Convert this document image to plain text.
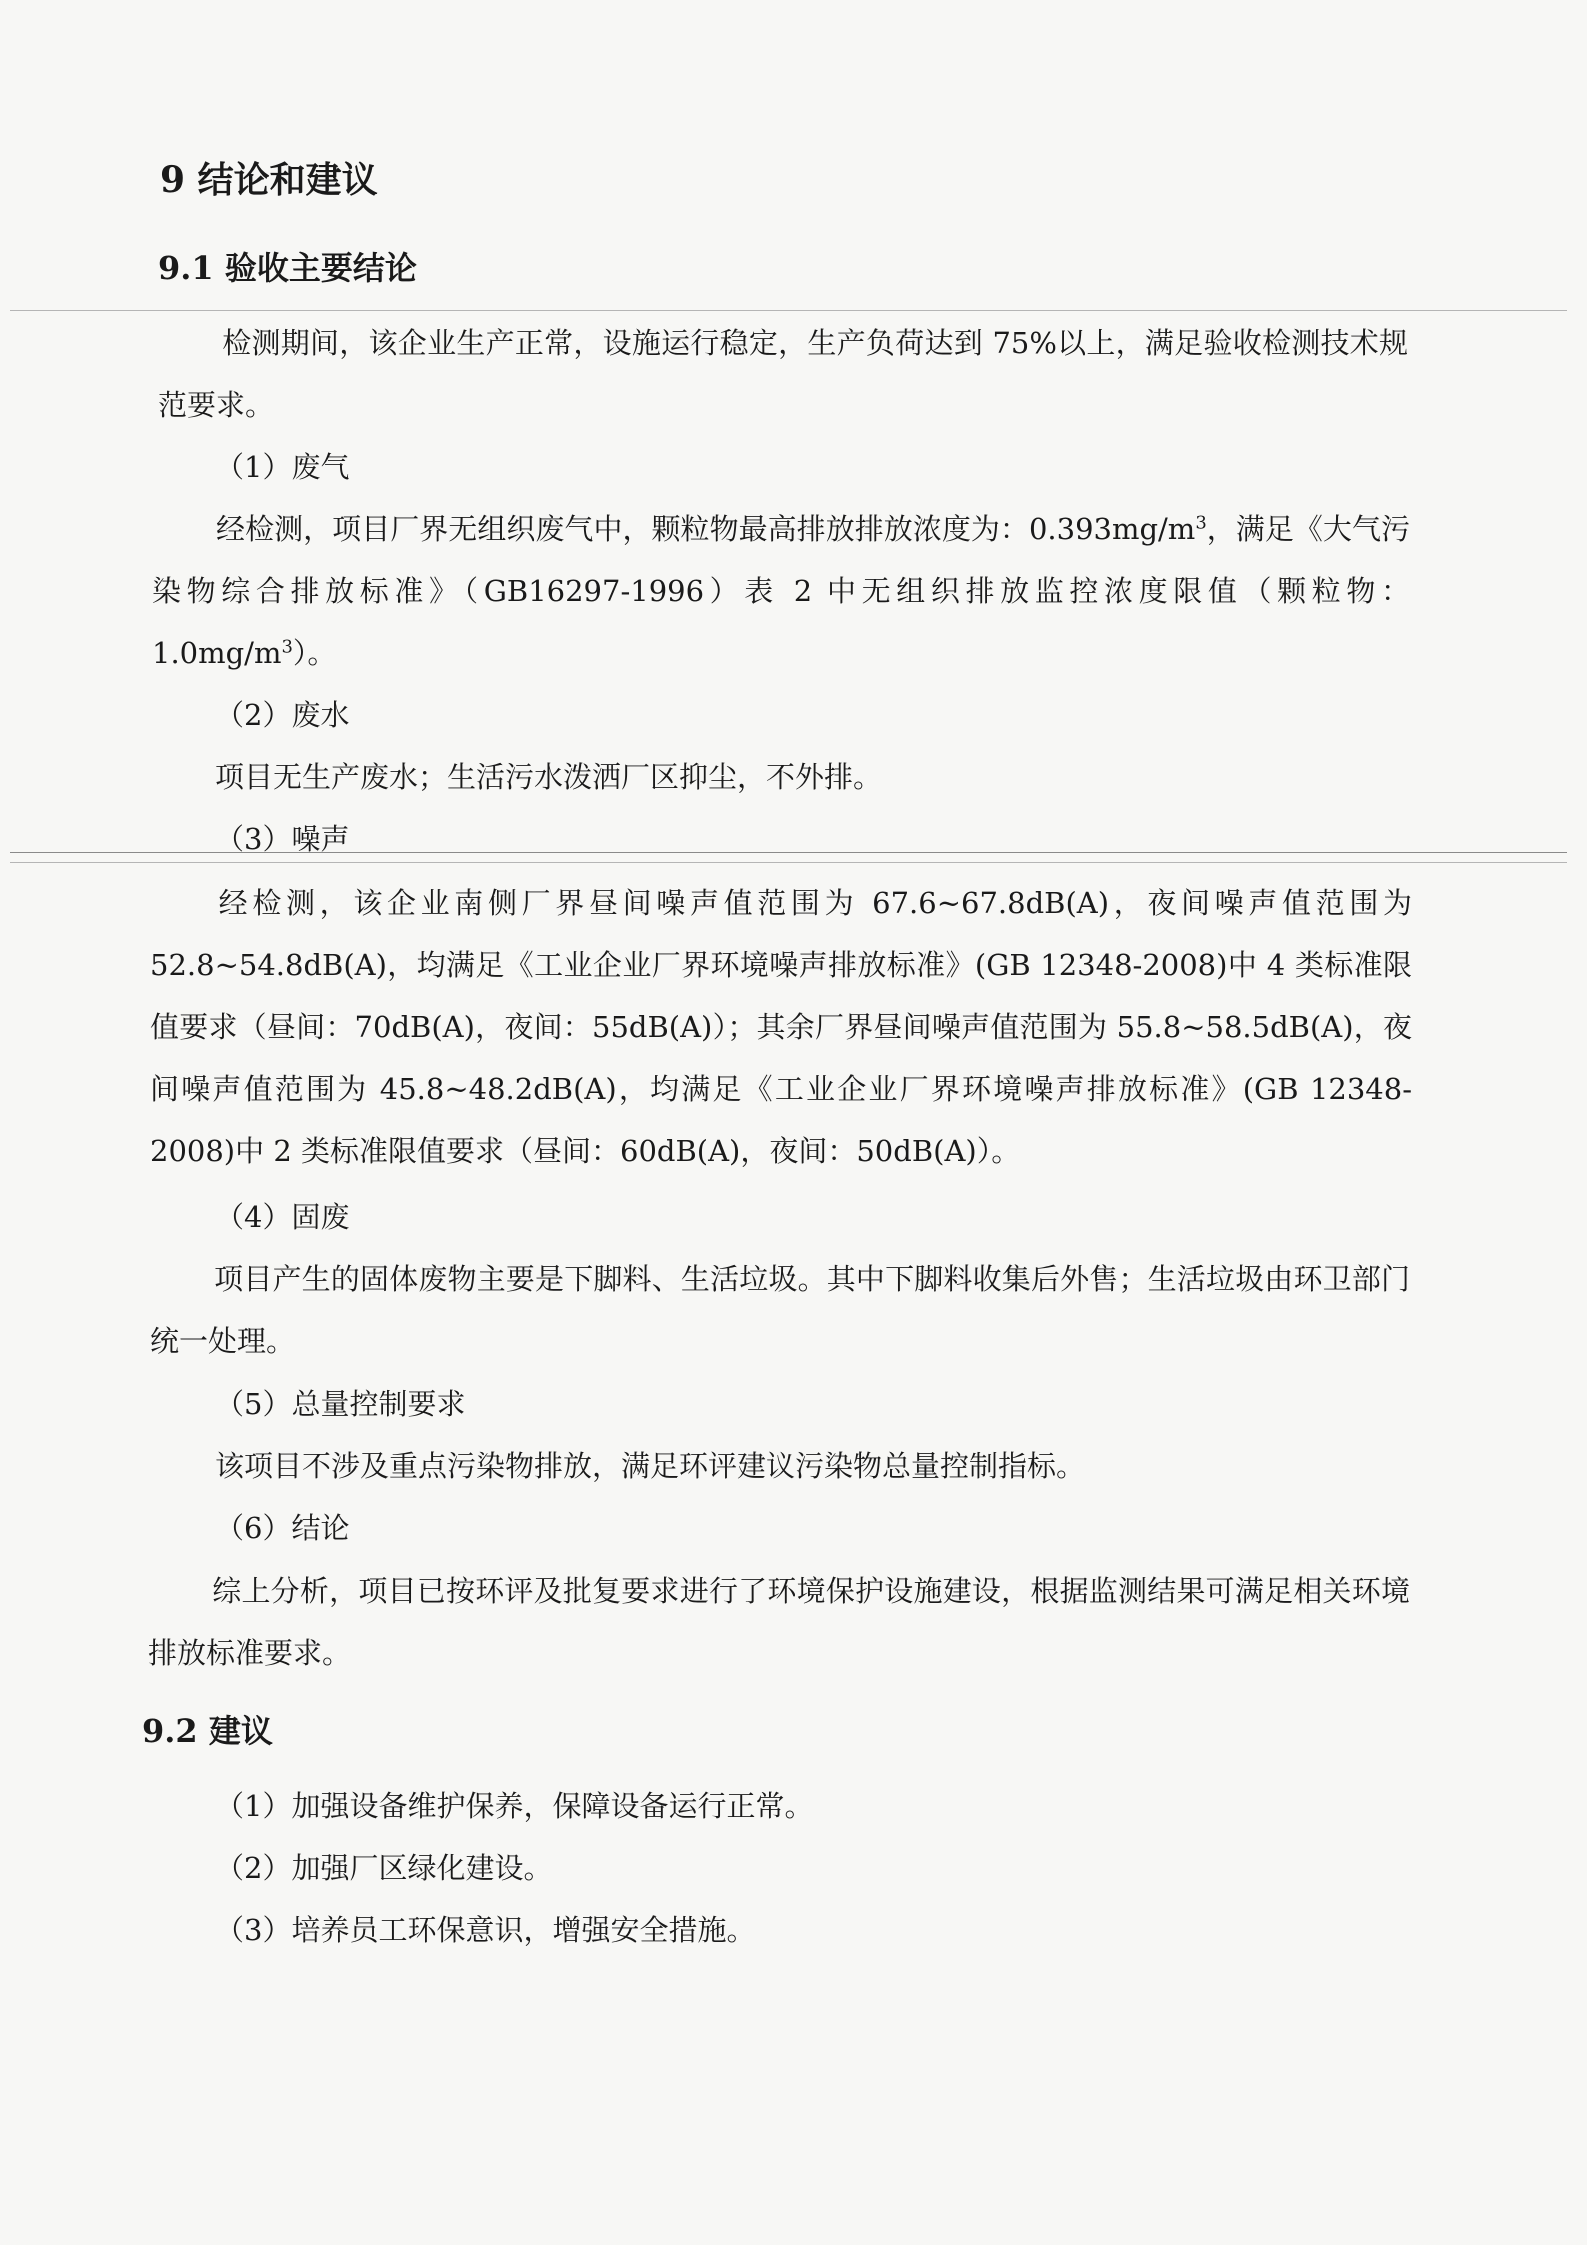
9 结论和建议
9.1 验收主要结论
检测期间，该企业生产正常，设施运行稳定，生产负荷达到 75%以上，满足验收检测技术规范要求。
（1）废气
经检测，项目厂界无组织废气中，颗粒物最高排放排放浓度为：$0.393mg/m^3$，满足《大气污染物综合排放标准》（GB16297-1996）表 2 中无组织排放监控浓度限值（颗粒物：$1.0mg/m^3$）。
（2）废水
项目无生产废水；生活污水泼洒厂区抑尘，不外排。
（3）噪声
经检测，该企业南侧厂界昼间噪声值范围为 67.6~67.8dB(A)，夜间噪声值范围为 52.8~54.8dB(A)，均满足《工业企业厂界环境噪声排放标准》(GB 12348-2008)中 4 类标准限值要求（昼间：70dB(A)，夜间：55dB(A)）；其余厂界昼间噪声值范围为 55.8~58.5dB(A)，夜间噪声值范围为 45.8~48.2dB(A)，均满足《工业企业厂界环境噪声排放标准》(GB 12348-2008)中 2 类标准限值要求（昼间：60dB(A)，夜间：50dB(A)）。
（4）固废
项目产生的固体废物主要是下脚料、生活垃圾。其中下脚料收集后外售；生活垃圾由环卫部门统一处理。
（5）总量控制要求
该项目不涉及重点污染物排放，满足环评建议污染物总量控制指标。
（6）结论
综上分析，项目已按环评及批复要求进行了环境保护设施建设，根据监测结果可满足相关环境排放标准要求。
9.2 建议
（1）加强设备维护保养，保障设备运行正常。
（2）加强厂区绿化建设。
（3）培养员工环保意识，增强安全措施。
